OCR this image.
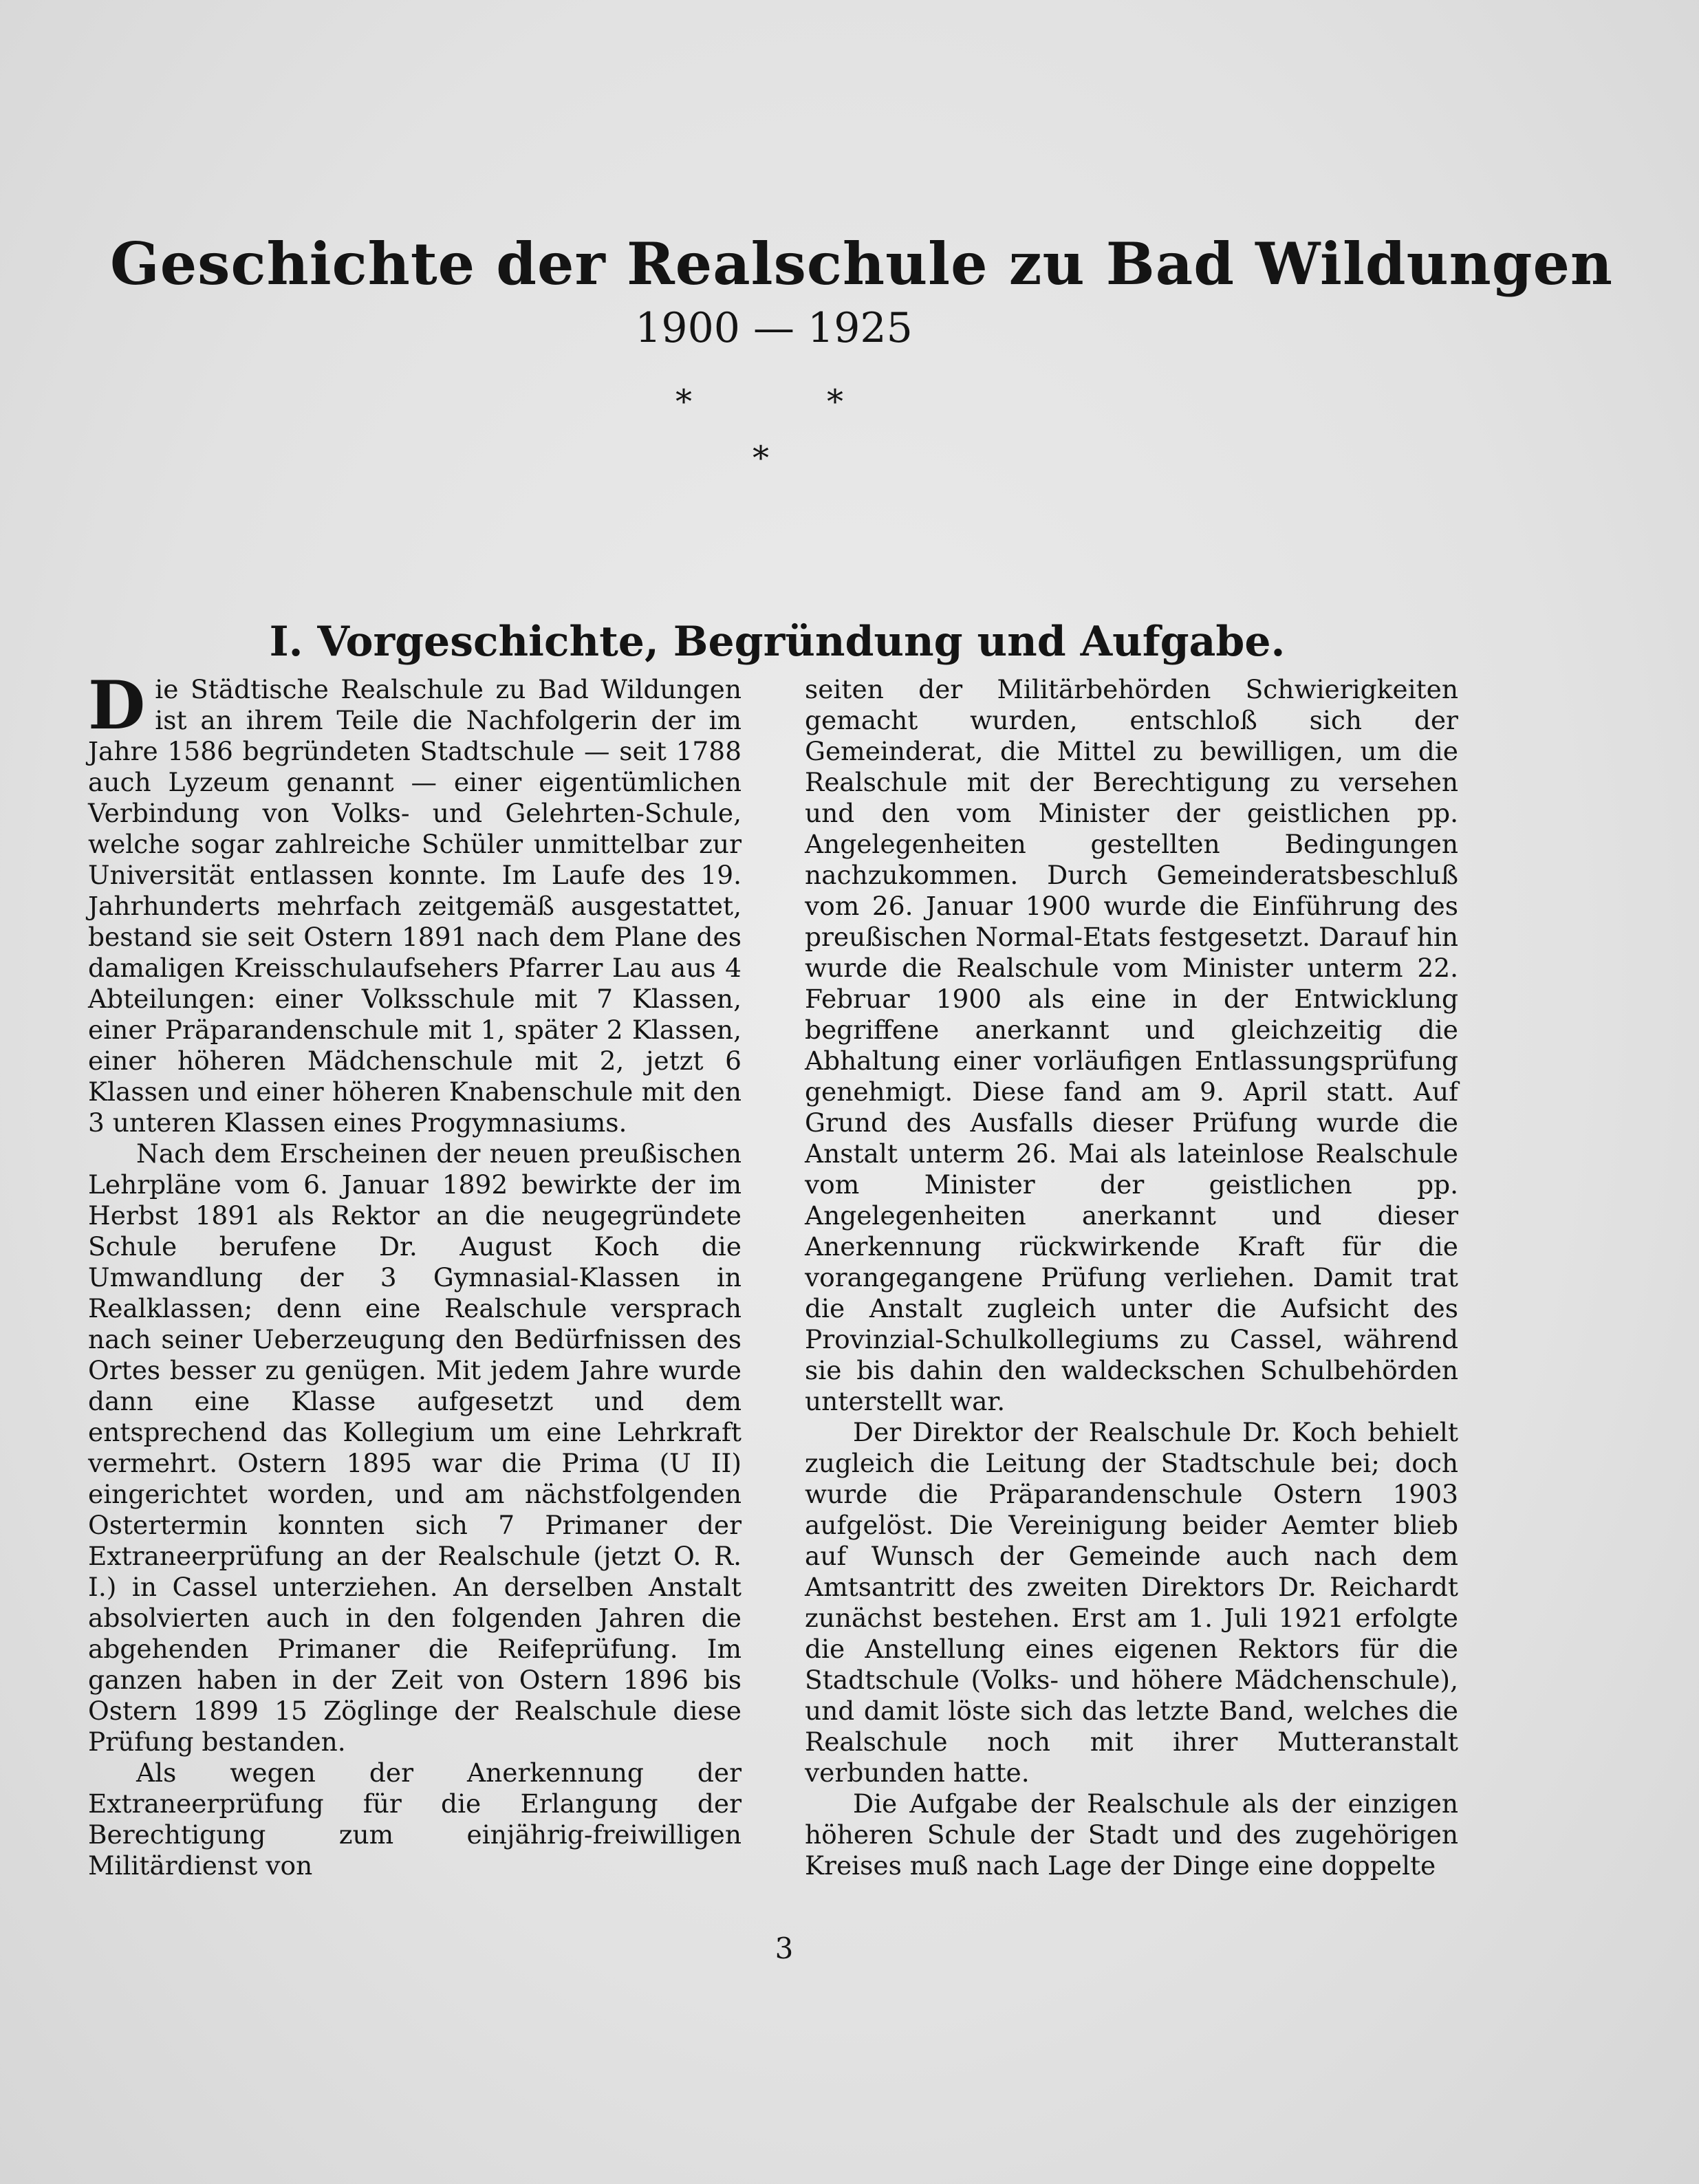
Geschichte der Realschule zu Bad Wildungen
1900 — 1925
*	*
*
I. Vorgeschichte, Begründung und Aufgabe.

Die Städtische Realschule zu Bad Wildungen ist an ihrem Teile die Nachfolgerin der im Jahre 1586 begründeten Stadtschule — seit 1788 auch Lyzeum genannt — einer eigentümlichen Verbindung von Volks- und Gelehrten-Schule, welche sogar zahlreiche Schüler unmittelbar zur Universität entlassen konnte. Im Laufe des 19. Jahrhunderts mehrfach zeitgemäß ausgestattet, bestand sie seit Ostern 1891 nach dem Plane des damaligen Kreisschulaufsehers Pfarrer Lau aus 4 Abteilungen: einer Volksschule mit 7 Klassen, einer Präparandenschule mit 1, später 2 Klassen, einer höheren Mädchenschule mit 2, jetzt 6 Klassen und einer höheren Knabenschule mit den 3 unteren Klassen eines Progymnasiums.

Nach dem Erscheinen der neuen preußischen Lehrpläne vom 6. Januar 1892 bewirkte der im Herbst 1891 als Rektor an die neugegründete Schule berufene Dr. August Koch die Umwandlung der 3 Gymnasial-Klassen in Realklassen; denn eine Realschule versprach nach seiner Ueberzeugung den Bedürfnissen des Ortes besser zu genügen. Mit jedem Jahre wurde dann eine Klasse aufgesetzt und dem entsprechend das Kollegium um eine Lehrkraft vermehrt. Ostern 1895 war die Prima (U II) eingerichtet worden, und am nächstfolgenden Ostertermin konnten sich 7 Primaner der Extraneerprüfung an der Realschule (jetzt O. R. I.) in Cassel unterziehen. An derselben Anstalt absolvierten auch in den folgenden Jahren die abgehenden Primaner die Reifeprüfung. Im ganzen haben in der Zeit von Ostern 1896 bis Ostern 1899 15 Zöglinge der Realschule diese Prüfung bestanden.

Als wegen der Anerkennung der Extraneerprüfung für die Erlangung der Berechtigung zum einjährig-freiwilligen Militärdienst von

seiten der Militärbehörden Schwierigkeiten gemacht wurden, entschloß sich der Gemeinderat, die Mittel zu bewilligen, um die Realschule mit der Berechtigung zu versehen und den vom Minister der geistlichen pp. Angelegenheiten gestellten Bedingungen nachzukommen. Durch Gemeinderatsbeschluß vom 26. Januar 1900 wurde die Einführung des preußischen Normal-Etats festgesetzt. Darauf hin wurde die Realschule vom Minister unterm 22. Februar 1900 als eine in der Entwicklung begriffene anerkannt und gleichzeitig die Abhaltung einer vorläufigen Entlassungsprüfung genehmigt. Diese fand am 9. April statt. Auf Grund des Ausfalls dieser Prüfung wurde die Anstalt unterm 26. Mai als lateinlose Realschule vom Minister der geistlichen pp. Angelegenheiten anerkannt und dieser Anerkennung rückwirkende Kraft für die vorangegangene Prüfung verliehen. Damit trat die Anstalt zugleich unter die Aufsicht des Provinzial-Schulkollegiums zu Cassel, während sie bis dahin den waldeckschen Schulbehörden unterstellt war.

Der Direktor der Realschule Dr. Koch behielt zugleich die Leitung der Stadtschule bei; doch wurde die Präparandenschule Ostern 1903 aufgelöst. Die Vereinigung beider Aemter blieb auf Wunsch der Gemeinde auch nach dem Amtsantritt des zweiten Direktors Dr. Reichardt zunächst bestehen. Erst am 1. Juli 1921 erfolgte die Anstellung eines eigenen Rektors für die Stadtschule (Volks- und höhere Mädchenschule), und damit löste sich das letzte Band, welches die Realschule noch mit ihrer Mutteranstalt verbunden hatte.

Die Aufgabe der Realschule als der einzigen höheren Schule der Stadt und des zugehörigen Kreises muß nach Lage der Dinge eine doppelte

3
